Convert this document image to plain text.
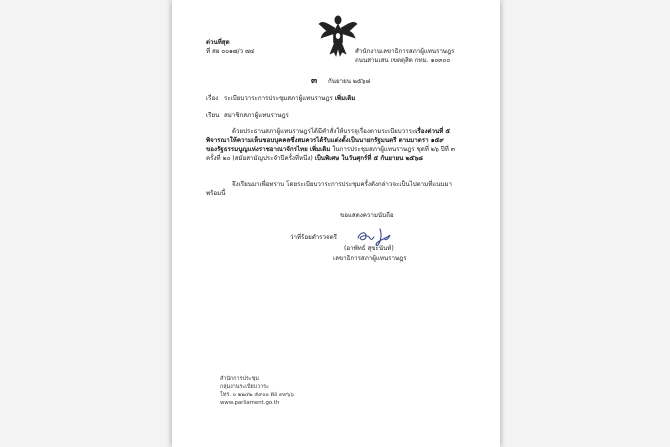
ด่วนที่สุด
ที่ สผ ๐๐๑๗/ว ๗๔	สำนักงานเลขาธิการสภาผู้แทนราษฎร
ถนนสามเสน เขตดุสิต กทม. ๑๐๓๐๐
๓ กันยายน ๒๕๖๘
เรื่อง ระเบียบวาระการประชุมสภาผู้แทนราษฎร เพิ่มเติม
เรียน สมาชิกสภาผู้แทนราษฎร
ด้วยประธานสภาผู้แทนราษฎรได้มีคำสั่งให้บรรจุเรื่องตามระเบียบวาระเรื่องด่วนที่ ๕
พิจารณาให้ความเห็นชอบบุคคลซึ่งสมควรได้รับแต่งตั้งเป็นนายกรัฐมนตรี ตามมาตรา ๑๕๙
ของรัฐธรรมนูญแห่งราชอาณาจักรไทย เพิ่มเติม ในการประชุมสภาผู้แทนราษฎร ชุดที่ ๒๖ ปีที่ ๓
ครั้งที่ ๒๐ (สมัยสามัญประจำปีครั้งที่หนึ่ง) เป็นพิเศษ ในวันศุกร์ที่ ๕ กันยายน ๒๕๖๘
จึงเรียนมาเพื่อทราบ โดยระเบียบวาระการประชุมครั้งดังกล่าวจะเป็นไปตามที่แนบมา
พร้อมนี้
ขอแสดงความนับถือ
ว่าที่ร้อยตำรวจตรี
(อาพัทธ์ สุขะนันท์)
เลขาธิการสภาผู้แทนราษฎร
สำนักการประชุม
กลุ่มงานระเบียบวาระ
โทร. ๐ ๒๒๔๒ ๕๙๐๐ ต่อ ๙๙๖๖
www.parliament.go.th
